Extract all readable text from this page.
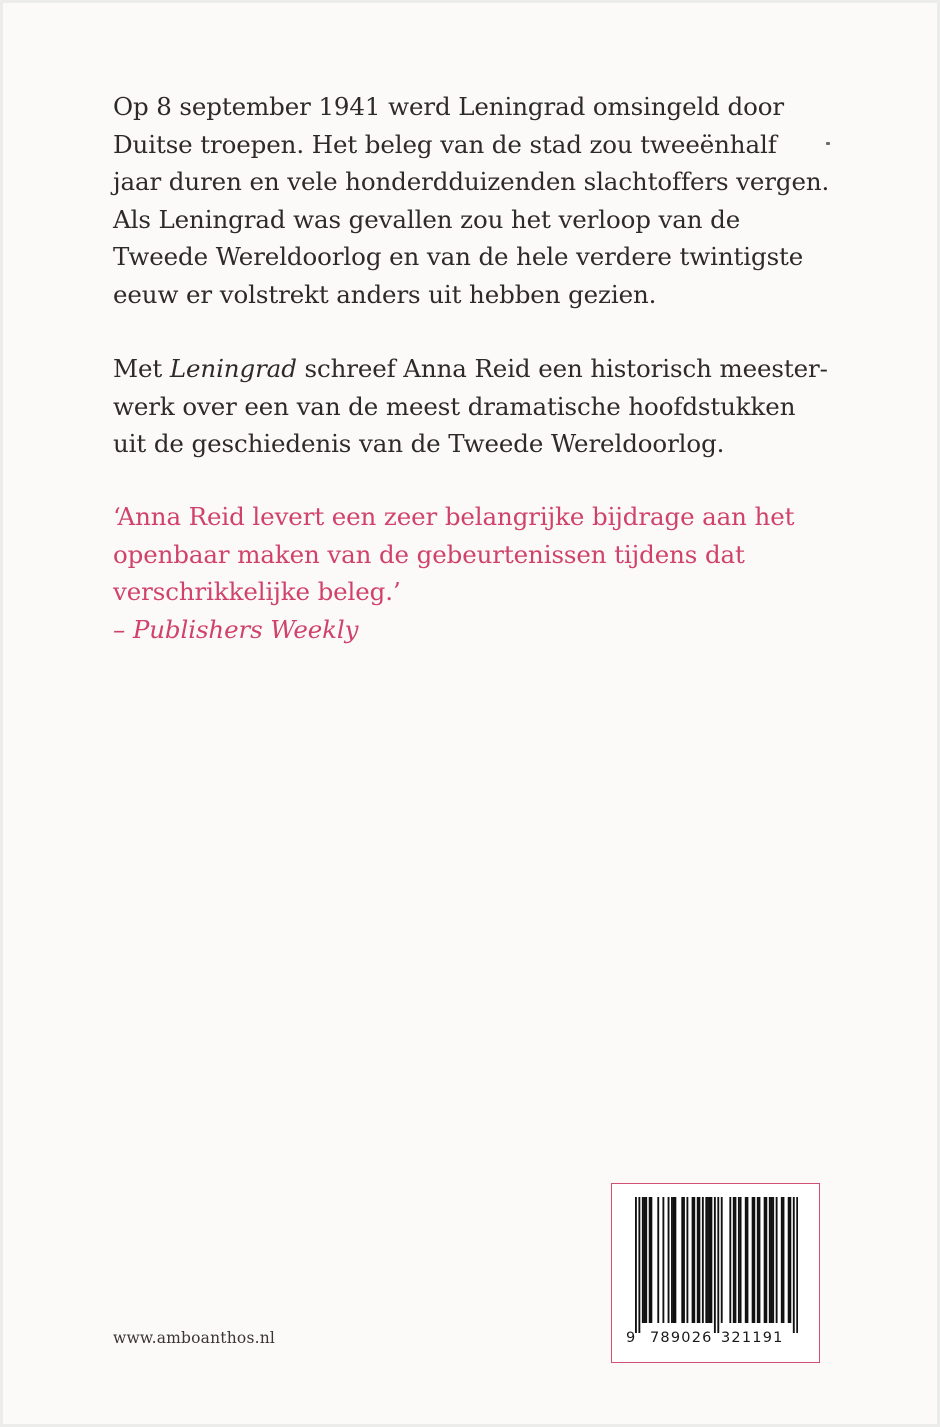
Op 8 september 1941 werd Leningrad omsingeld door
Duitse troepen. Het beleg van de stad zou tweeënhalf
jaar duren en vele honderdduizenden slachtoffers vergen.
Als Leningrad was gevallen zou het verloop van de
Tweede Wereldoorlog en van de hele verdere twintigste
eeuw er volstrekt anders uit hebben gezien.
Met Leningrad schreef Anna Reid een historisch meester-
werk over een van de meest dramatische hoofdstukken
uit de geschiedenis van de Tweede Wereldoorlog.
‘Anna Reid levert een zeer belangrijke bijdrage aan het
openbaar maken van de gebeurtenissen tijdens dat
verschrikkelijke beleg.’
– Publishers Weekly
www.amboanthos.nl	9 789026 321191
